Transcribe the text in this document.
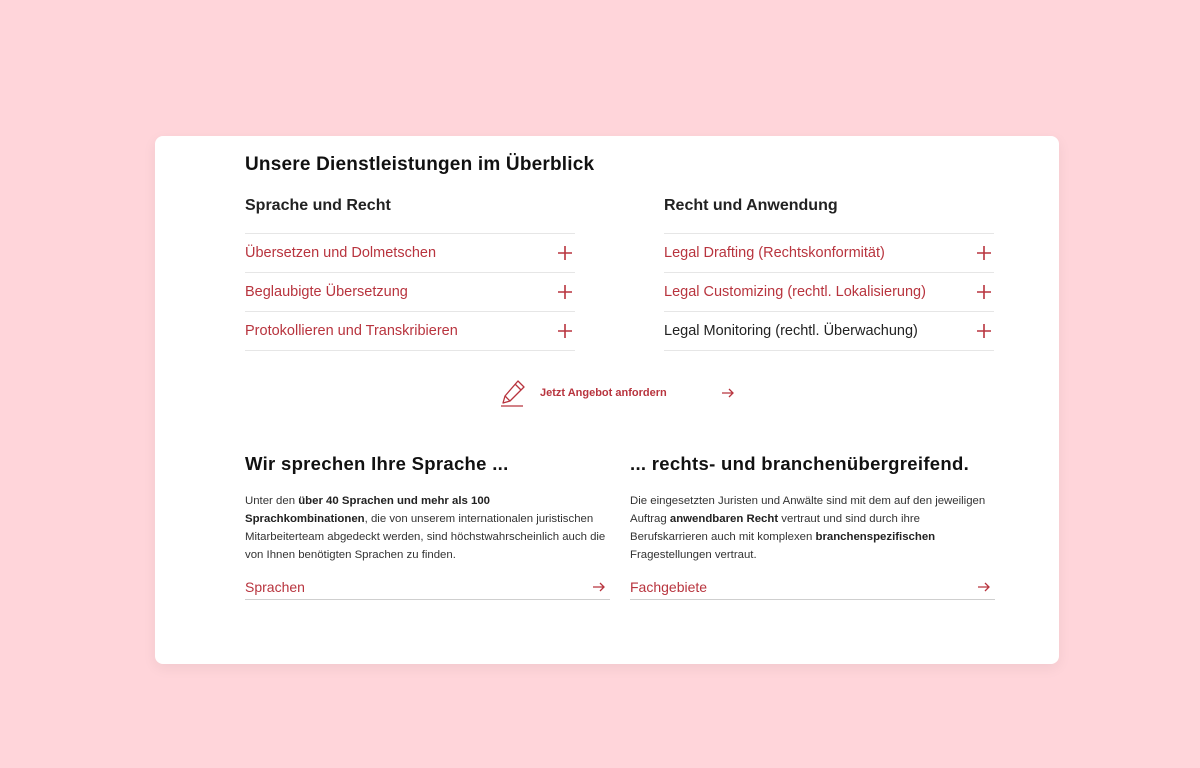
Unsere Dienstleistungen im Überblick
Sprache und Recht
Übersetzen und Dolmetschen
Beglaubigte Übersetzung
Protokollieren und Transkribieren
Recht und Anwendung
Legal Drafting (Rechtskonformität)
Legal Customizing (rechtl. Lokalisierung)
Legal Monitoring (rechtl. Überwachung)
Jetzt Angebot anfordern
Wir sprechen Ihre Sprache ...

Unter den über 40 Sprachen und mehr als 100 Sprachkombinationen, die von unserem internationalen juristischen Mitarbeiterteam abgedeckt werden, sind höchstwahrscheinlich auch die von Ihnen benötigten Sprachen zu finden.

Sprachen
... rechts- und branchenübergreifend.

Die eingesetzten Juristen und Anwälte sind mit dem auf den jeweiligen Auftrag anwendbaren Recht vertraut und sind durch ihre Berufskarrieren auch mit komplexen branchenspezifischen Fragestellungen vertraut.

Fachgebiete
